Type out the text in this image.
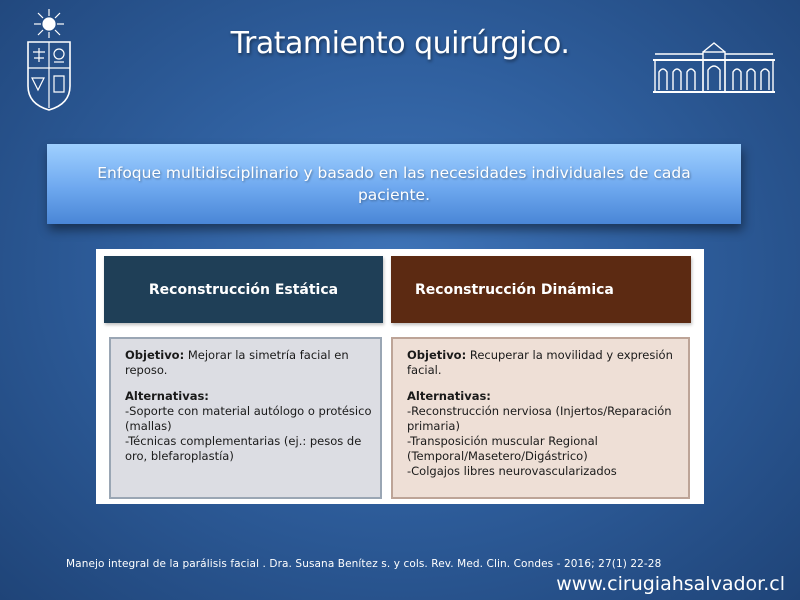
Tratamiento quirúrgico.
Enfoque multidisciplinario y basado en las necesidades individuales de cada paciente.
Reconstrucción Estática	Reconstrucción Dinámica

Objetivo: Mejorar la simetría facial en reposo.

Alternativas:

-Soporte con material autólogo o protésico (mallas)

-Técnicas complementarias (ej.: pesos de oro, blefaroplastía)

Objetivo: Recuperar la movilidad y expresión facial.

Alternativas:

-Reconstrucción nerviosa (Injertos/Reparación primaria)

-Transposición muscular Regional (Temporal/Masetero/Digástrico)

-Colgajos libres neurovascularizados

Manejo integral de la parálisis facial . Dra. Susana Benítez s. y cols. Rev. Med. Clin. Condes - 2016; 27(1) 22-28
www.cirugiahsalvador.cl
